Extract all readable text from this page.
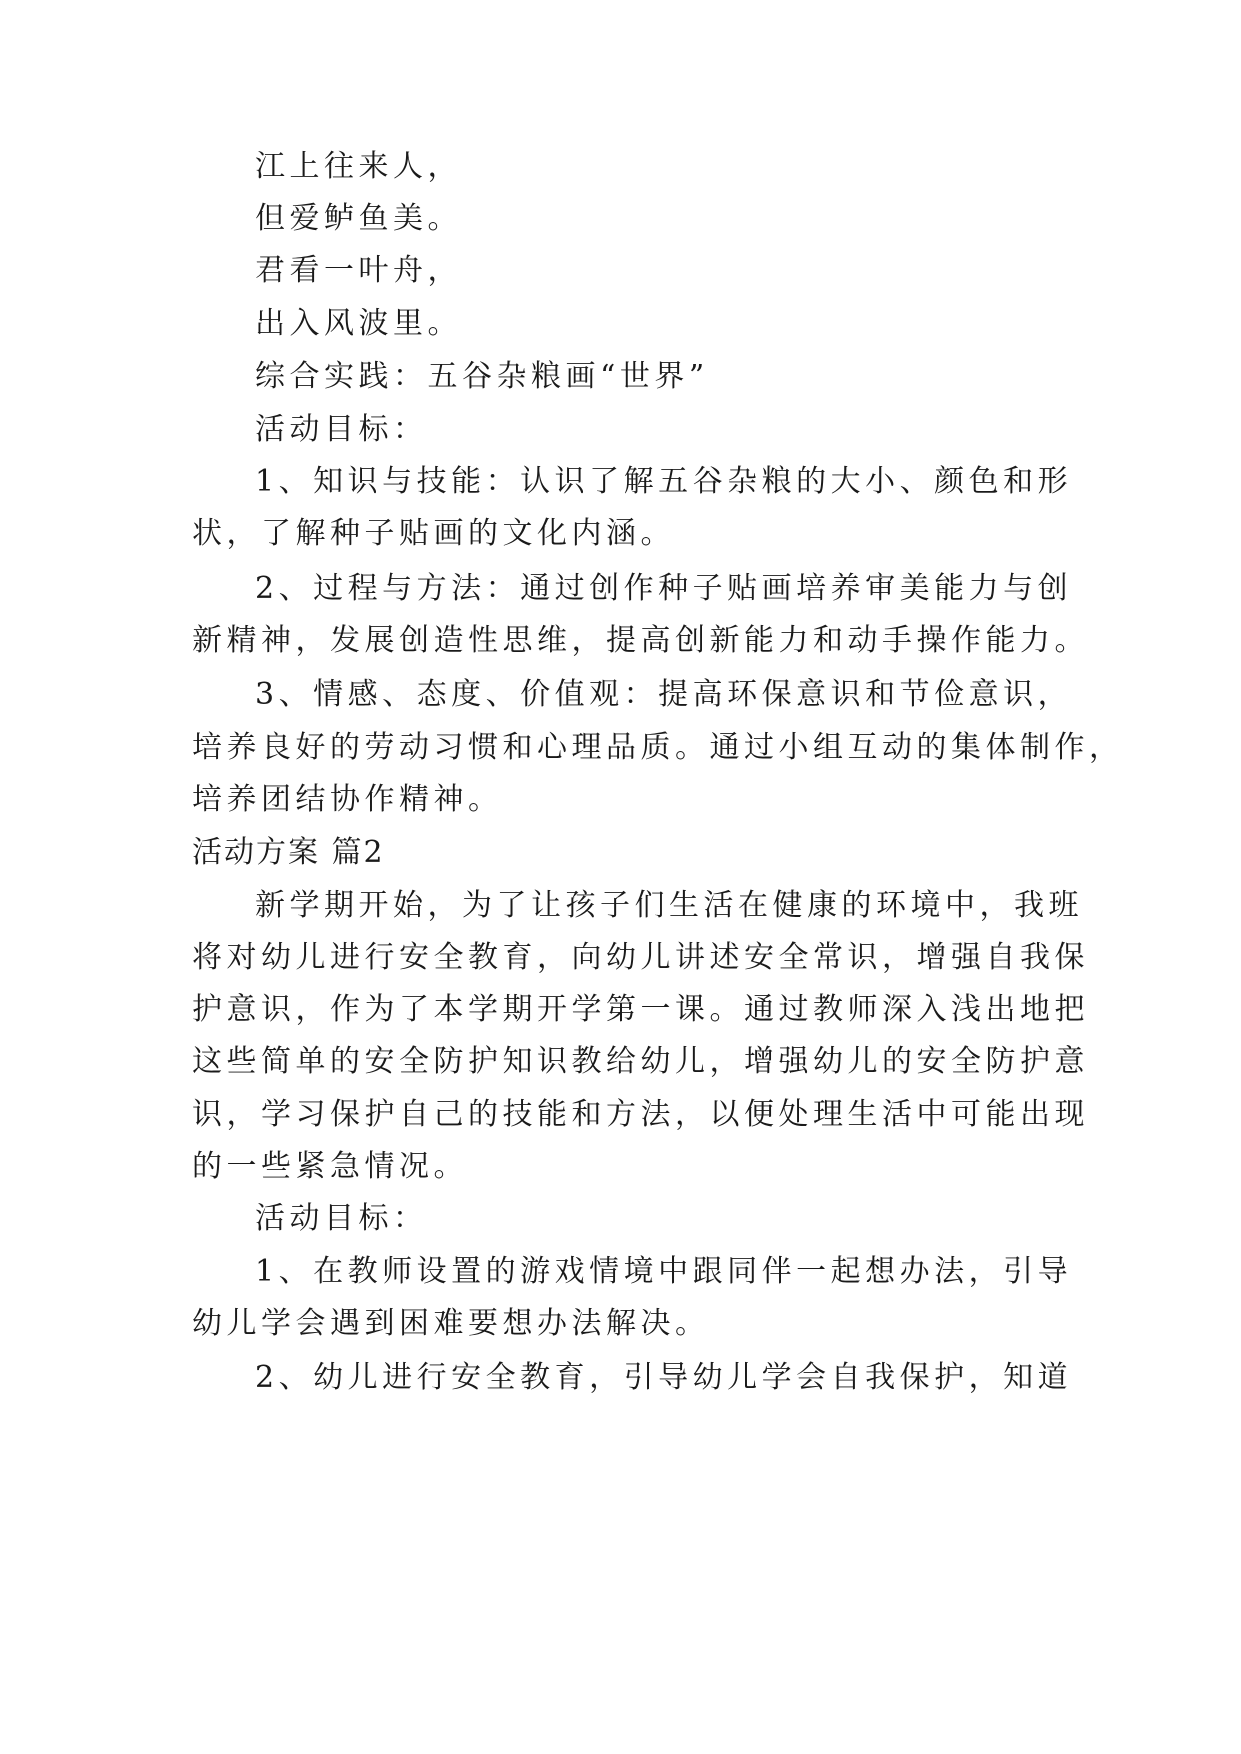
江上往来人，
但爱鲈鱼美。
君看一叶舟，
出入风波里。
综合实践：五谷杂粮画“世界”
活动目标：
1、知识与技能：认识了解五谷杂粮的大小、颜色和形
状，了解种子贴画的文化内涵。
2、过程与方法：通过创作种子贴画培养审美能力与创
新精神，发展创造性思维，提高创新能力和动手操作能力。
3、情感、态度、价值观：提高环保意识和节俭意识，
培养良好的劳动习惯和心理品质。通过小组互动的集体制作，
培养团结协作精神。
活动方案 篇2
新学期开始，为了让孩子们生活在健康的环境中，我班
将对幼儿进行安全教育，向幼儿讲述安全常识，增强自我保
护意识，作为了本学期开学第一课。通过教师深入浅出地把
这些简单的安全防护知识教给幼儿，增强幼儿的安全防护意
识，学习保护自己的技能和方法，以便处理生活中可能出现
的一些紧急情况。
活动目标：
1、在教师设置的游戏情境中跟同伴一起想办法，引导
幼儿学会遇到困难要想办法解决。
2、幼儿进行安全教育，引导幼儿学会自我保护，知道
